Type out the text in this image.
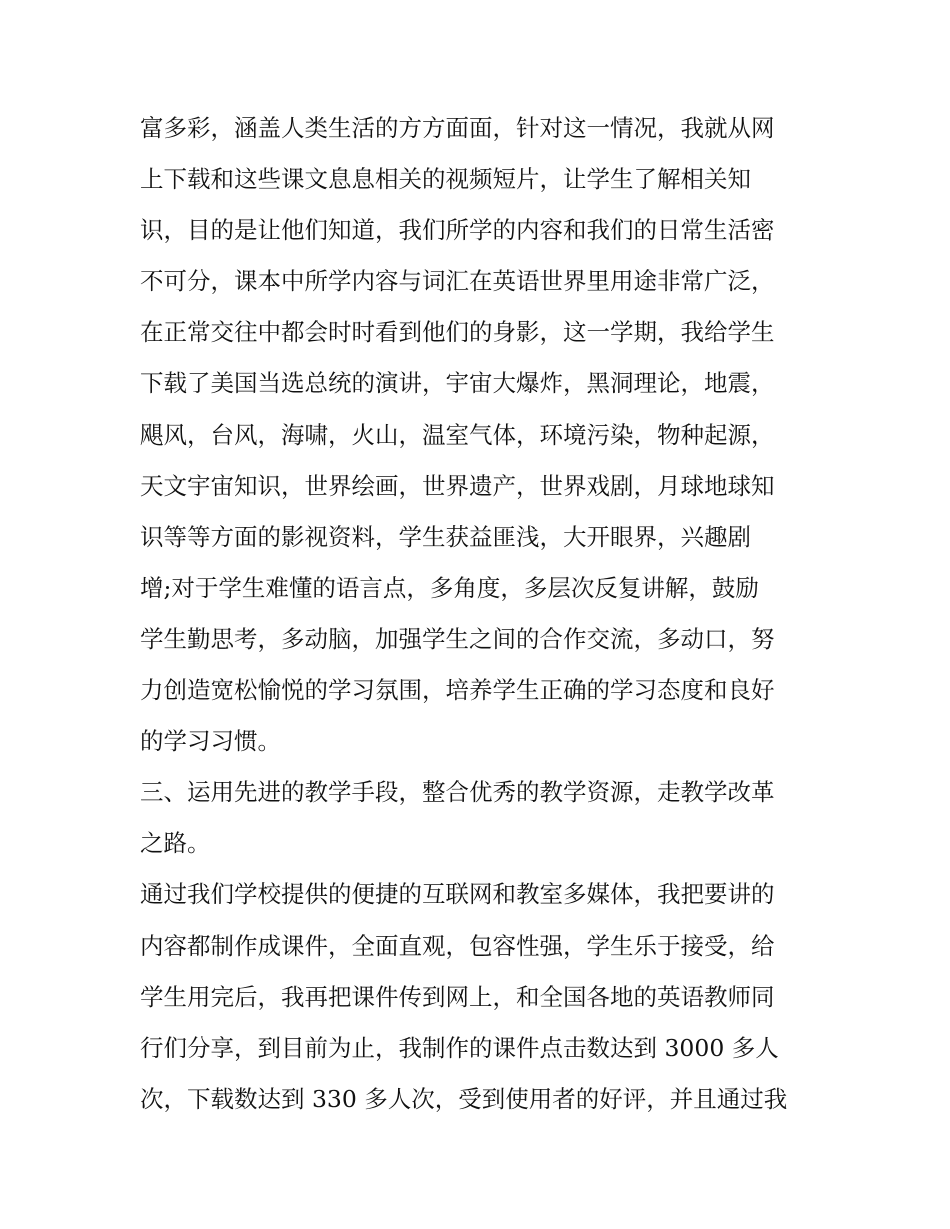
富多彩，涵盖人类生活的方方面面，针对这一情况，我就从网
上下载和这些课文息息相关的视频短片，让学生了解相关知
识，目的是让他们知道，我们所学的内容和我们的日常生活密
不可分，课本中所学内容与词汇在英语世界里用途非常广泛，
在正常交往中都会时时看到他们的身影，这一学期，我给学生
下载了美国当选总统的演讲，宇宙大爆炸，黑洞理论，地震，
飓风，台风，海啸，火山，温室气体，环境污染，物种起源，
天文宇宙知识，世界绘画，世界遗产，世界戏剧，月球地球知
识等等方面的影视资料，学生获益匪浅，大开眼界，兴趣剧
增;对于学生难懂的语言点，多角度，多层次反复讲解，鼓励
学生勤思考，多动脑，加强学生之间的合作交流，多动口，努
力创造宽松愉悦的学习氛围，培养学生正确的学习态度和良好
的学习习惯。
三、运用先进的教学手段，整合优秀的教学资源，走教学改革
之路。
通过我们学校提供的便捷的互联网和教室多媒体，我把要讲的
内容都制作成课件，全面直观，包容性强，学生乐于接受，给
学生用完后，我再把课件传到网上，和全国各地的英语教师同
行们分享，到目前为止，我制作的课件点击数达到 3000 多人
次，下载数达到 330 多人次，受到使用者的好评，并且通过我
